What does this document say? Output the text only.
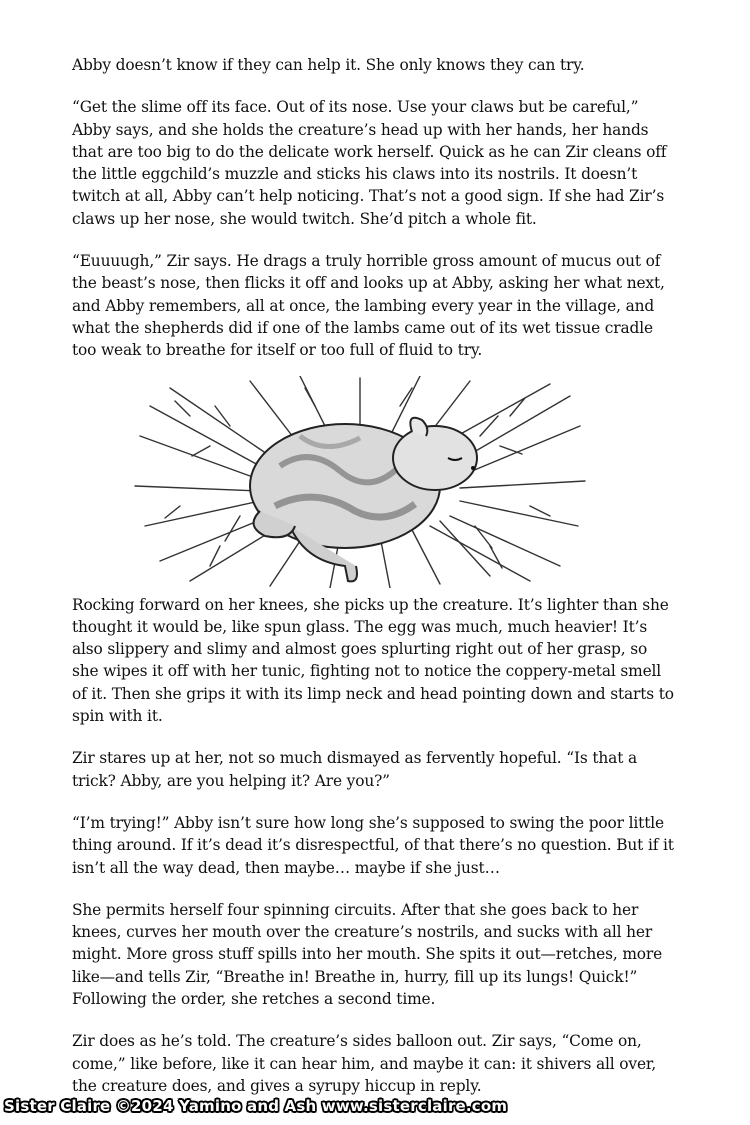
Abby doesn’t know if they can help it. She only knows they can try.

“Get the slime off its face. Out of its nose. Use your claws but be careful,” Abby says, and she holds the creature’s head up with her hands, her hands that are too big to do the delicate work herself. Quick as he can Zir cleans off the little eggchild’s muzzle and sticks his claws into its nostrils. It doesn’t twitch at all, Abby can’t help noticing. That’s not a good sign. If she had Zir’s claws up her nose, she would twitch. She’d pitch a whole fit.

“Euuuugh,” Zir says. He drags a truly horrible gross amount of mucus out of the beast’s nose, then flicks it off and looks up at Abby, asking her what next, and Abby remembers, all at once, the lambing every year in the village, and what the shepherds did if one of the lambs came out of its wet tissue cradle too weak to breathe for itself or too full of fluid to try.

Rocking forward on her knees, she picks up the creature. It’s lighter than she thought it would be, like spun glass. The egg was much, much heavier! It’s also slippery and slimy and almost goes splurting right out of her grasp, so she wipes it off with her tunic, fighting not to notice the coppery-metal smell of it. Then she grips it with its limp neck and head pointing down and starts to spin with it.

Zir stares up at her, not so much dismayed as fervently hopeful. “Is that a trick? Abby, are you helping it? Are you?”

“I’m trying!” Abby isn’t sure how long she’s supposed to swing the poor little thing around. If it’s dead it’s disrespectful, of that there’s no question. But if it isn’t all the way dead, then maybe… maybe if she just…

She permits herself four spinning circuits. After that she goes back to her knees, curves her mouth over the creature’s nostrils, and sucks with all her might. More gross stuff spills into her mouth. She spits it out—retches, more like—and tells Zir, “Breathe in! Breathe in, hurry, fill up its lungs! Quick!” Following the order, she retches a second time.

Zir does as he’s told. The creature’s sides balloon out. Zir says, “Come on, come,” like before, like it can hear him, and maybe it can: it shivers all over, the creature does, and gives a syrupy hiccup in reply.

Sister Claire ©2024 Yamino and Ash www.sisterclaire.com
